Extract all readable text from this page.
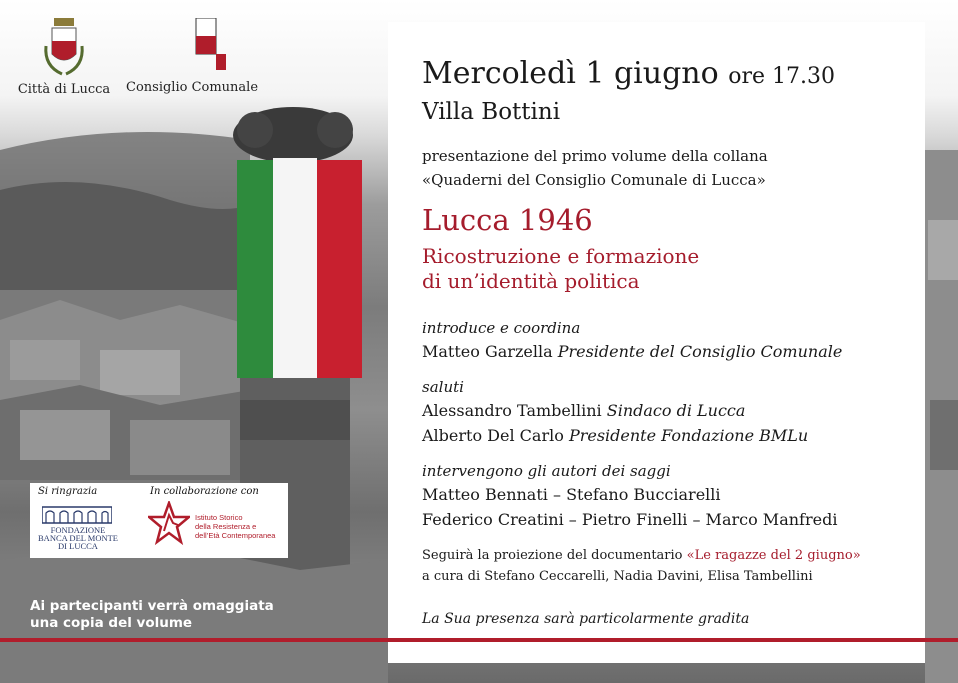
Città di Lucca	Consiglio Comunale	Mercoledì 1 giugno ore 17.30
Villa Bottini
presentazione del primo volume della collana
«Quaderni del Consiglio Comunale di Lucca»
Lucca 1946
Ricostruzione e formazione
di un’identità politica
introduce e coordina
Matteo Garzella Presidente del Consiglio Comunale
saluti
Alessandro Tambellini Sindaco di Lucca
Alberto Del Carlo Presidente Fondazione BMLu
intervengono gli autori dei saggi
Matteo Bennati – Stefano Bucciarelli
Federico Creatini – Pietro Finelli – Marco Manfredi
Seguirà la proiezione del documentario «Le ragazze del 2 giugno»
a cura di Stefano Ceccarelli, Nadia Davini, Elisa Tambellini
La Sua presenza sarà particolarmente gradita
Si ringrazia	In collaborazione con
FONDAZIONE
BANCA DEL MONTE
DI LUCCA
Istituto Storico
della Resistenza e
dell’Età Contemporanea
Ai partecipanti verrà omaggiata
una copia del volume
